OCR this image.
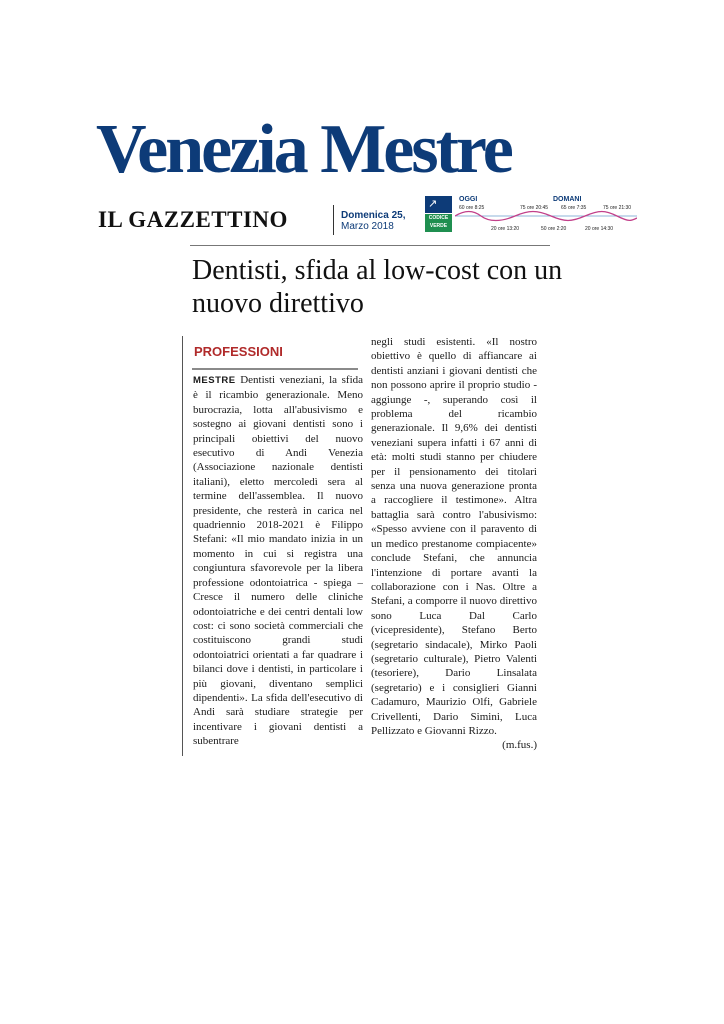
Venezia Mestre
IL GAZZETTINO	Domenica 25,
Marzo 2018
↗
CODICE VERDE
OGGI	DOMANI
60 ore 8:25	75 ore 20:45	65 ore 7:35	75 ore 21:30
20 ore 13:20	50 ore 2:20	20 ore 14:30
Dentisti, sfida al low-cost con un nuovo direttivo
PROFESSIONI

MESTRE Dentisti veneziani, la sfida è il ricambio generazionale. Meno burocrazia, lotta all'abusivismo e sostegno ai giovani dentisti sono i principali obiettivi del nuovo esecutivo di Andi Venezia (Associazione nazionale dentisti italiani), eletto mercoledì sera al termine dell'assemblea. Il nuovo presidente, che resterà in carica nel quadriennio 2018-2021 è Filippo Stefani: «Il mio mandato inizia in un momento in cui si registra una congiuntura sfavorevole per la libera professione odontoiatrica - spiega – Cresce il numero delle cliniche odontoiatriche e dei centri dentali low cost: ci sono società commerciali che costituiscono grandi studi odontoiatrici orientati a far quadrare i bilanci dove i dentisti, in particolare i più giovani, diventano semplici dipendenti». La sfida dell'esecutivo di Andi sarà studiare strategie per incentivare i giovani dentisti a subentrare

negli studi esistenti. «Il nostro obiettivo è quello di affiancare ai dentisti anziani i giovani dentisti che non possono aprire il proprio studio - aggiunge -, superando così il problema del ricambio generazionale. Il 9,6% dei dentisti veneziani supera infatti i 67 anni di età: molti studi stanno per chiudere per il pensionamento dei titolari senza una nuova generazione pronta a raccogliere il testimone». Altra battaglia sarà contro l'abusivismo: «Spesso avviene con il paravento di un medico prestanome compiacente» conclude Stefani, che annuncia l'intenzione di portare avanti la collaborazione con i Nas. Oltre a Stefani, a comporre il nuovo direttivo sono Luca Dal Carlo (vicepresidente), Stefano Berto (segretario sindacale), Mirko Paoli (segretario culturale), Pietro Valenti (tesoriere), Dario Linsalata (segretario) e i consiglieri Gianni Cadamuro, Maurizio Olfi, Gabriele Crivellenti, Dario Simini, Luca Pellizzato e Giovanni Rizzo.
(m.fus.)
